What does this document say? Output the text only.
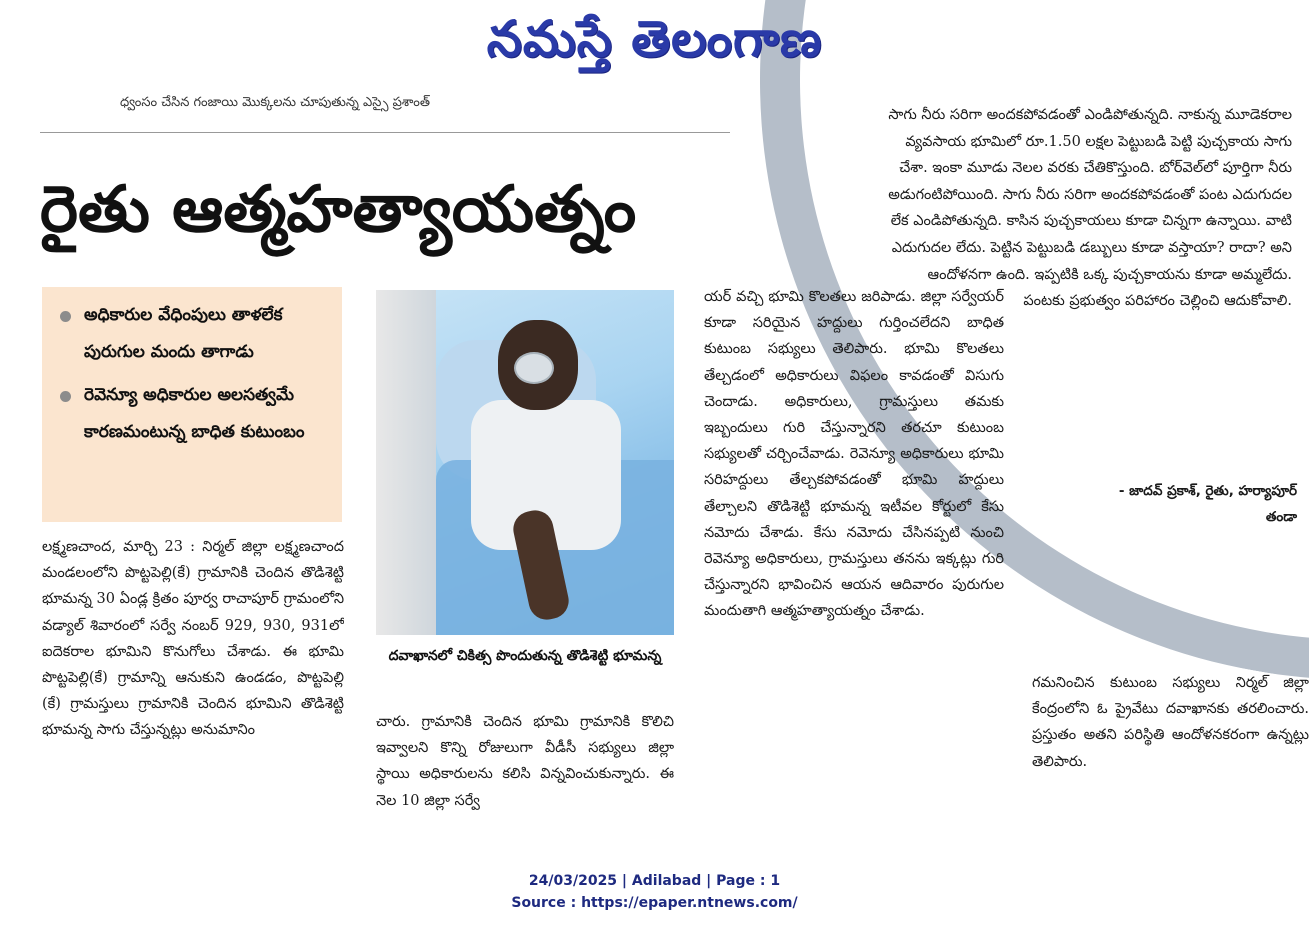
నమస్తే తెలంగాణ
ధ్వంసం చేసిన గంజాయి మొక్కలను చూపుతున్న ఎస్సై ప్రశాంత్
రైతు ఆత్మహత్యాయత్నం
అధికారుల వేధింపులు తాళలేక పురుగుల మందు తాగాడు
రెవెన్యూ అధికారుల అలసత్వమే కారణమంటున్న బాధిత కుటుంబం
దవాఖానలో చికిత్స పొందుతున్న తొడిశెట్టి భూమన్న
లక్ష్మణచాంద, మార్చి 23 : నిర్మల్ జిల్లా లక్ష్మణచాంద మండలంలోని పొట్టపెల్లి(కే) గ్రామానికి చెందిన తొడిశెట్టి భూమన్న 30 ఏండ్ల క్రితం పూర్వ రాచాపూర్ గ్రామంలోని వడ్యాల్ శివారంలో సర్వే నంబర్ 929, 930, 931లో ఐదెకరాల భూమిని కొనుగోలు చేశాడు. ఈ భూమి పొట్టపెల్లి(కే) గ్రామాన్ని ఆనుకుని ఉండడం, పొట్టపెల్లి (కే) గ్రామస్తులు గ్రామానికి చెందిన భూమిని తొడిశెట్టి భూమన్న సాగు చేస్తున్నట్లు అనుమానిం
చారు. గ్రామానికి చెందిన భూమి గ్రామానికి కొలిచి ఇవ్వాలని కొన్ని రోజులుగా వీడీసీ సభ్యులు జిల్లా స్థాయి అధికారులను కలిసి విన్నవించుకున్నారు. ఈ నెల 10 జిల్లా సర్వే
యర్ వచ్చి భూమి కొలతలు జరిపాడు. జిల్లా సర్వేయర్ కూడా సరియైన హద్దులు గుర్తించలేదని బాధిత కుటుంబ సభ్యులు తెలిపారు. భూమి కొలతలు తేల్చడంలో అధికారులు విఫలం కావడంతో విసుగు చెందాడు. అధికారులు, గ్రామస్తులు తమకు ఇబ్బందులు గురి చేస్తున్నారని తరచూ కుటుంబ సభ్యులతో చర్చించేవాడు. రెవెన్యూ అధికారులు భూమి సరిహద్దులు తేల్చకపోవడంతో భూమి హద్దులు తేల్చాలని తొడిశెట్టి భూమన్న ఇటీవల కోర్టులో కేసు నమోదు చేశాడు. కేసు నమోదు చేసినప్పటి నుంచి రెవెన్యూ అధికారులు, గ్రామస్తులు తనను ఇక్కట్లు గురి చేస్తున్నారని భావించిన ఆయన ఆదివారం పురుగుల మందుతాగి ఆత్మహత్యాయత్నం చేశాడు.
గమనించిన కుటుంబ సభ్యులు నిర్మల్ జిల్లా కేంద్రంలోని ఓ ప్రైవేటు దవాఖానకు తరలించారు. ప్రస్తుతం అతని పరిస్థితి ఆందోళనకరంగా ఉన్నట్లు తెలిపారు.
సాగు నీరు సరిగా అందకపోవడంతో ఎండిపోతున్నది. నాకున్న మూడెకరాల వ్యవసాయ భూమిలో రూ.1.50 లక్షల పెట్టుబడి పెట్టి పుచ్చకాయ సాగు చేశా. ఇంకా మూడు నెలల వరకు చేతికొస్తుంది. బోర్‌వెల్‌లో పూర్తిగా నీరు అడుగంటిపోయింది. సాగు నీరు సరిగా అందకపోవడంతో పంట ఎదుగుదల లేక ఎండిపోతున్నది. కాసిన పుచ్చకాయలు కూడా చిన్నగా ఉన్నాయి. వాటి ఎదుగుదల లేదు. పెట్టిన పెట్టుబడి డబ్బులు కూడా వస్తాయా? రాదా? అని ఆందోళనగా ఉంది. ఇప్పటికి ఒక్క పుచ్చకాయను కూడా అమ్మలేదు. పంటకు ప్రభుత్వం పరిహారం చెల్లించి ఆదుకోవాలి.
- జాదవ్ ప్రకాశ్, రైతు, హర్యాపూర్ తండా
24/03/2025 | Adilabad | Page : 1
Source : https://epaper.ntnews.com/
